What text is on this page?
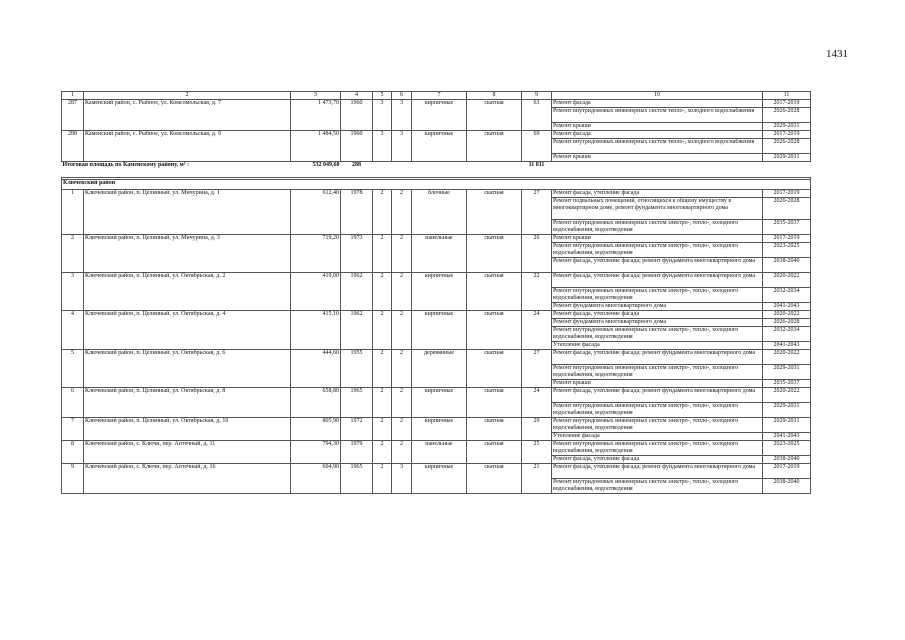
1431
1	2	3	4	5	6	7	8	9	10	11
287	Каменский район, с. Рыбное, ул. Комсомольская, д. 7	1 473,70	1960	3	3	кирпичные	скатная	63	Ремонт фасада	2017-2019
									Ремонт внутридомовых инженерных систем тепло-, холодного водоснабжения	2026-2028
									Ремонт крыши	2029-2031
288	Каменский район, с. Рыбное, ул. Комсомольская, д. 9	1 484,50	1960	3	3	кирпичные	скатная	69	Ремонт фасада	2017-2019
									Ремонт внутридомовых инженерных систем тепло-, холодного водоснабжения	2026-2028
									Ремонт крыши	2029-2031
Итоговая площадь по Каменскому району, м² :		532 049,60	288					11 811		

Ключевский район										
1	Ключевский район, п. Целинный, ул. Мичурина, д. 1	612,40	1978	2	2	блочные	скатная	27	Ремонт фасада, утепление фасада	2017-2019
									Ремонт подвальных помещений, относящихся к общему имуществу в многоквартирном доме, ремонт фундамента многоквартирного дома	2026-2028
									Ремонт внутридомовых инженерных систем электро-, тепло-, холодного водоснабжения, водоотведения	2035-2037
2	Ключевский район, п. Целинный, ул. Мичурина, д. 3	719,20	1973	2	2	панельные	скатная	26	Ремонт крыши	2017-2019
									Ремонт внутридомовых инженерных систем электро-, тепло-, холодного водоснабжения, водоотведения	2023-2025
									Ремонт фасада, утепление фасада; ремонт фундамента многоквартирного дома	2038-2040
3	Ключевский район, п. Целинный, ул. Октябрьская, д. 2	419,00	1962	2	2	кирпичные	скатная	22	Ремонт фасада, утепление фасада; ремонт фундамента многоквартирного дома	2020-2022
									Ремонт внутридомовых инженерных систем электро-, тепло-, холодного водоснабжения, водоотведения	2032-2034
									Ремонт фундамента многоквартирного дома	2041-2043
4	Ключевский район, п. Целинный, ул. Октябрьская, д. 4	415,10	1962	2	2	кирпичные	скатная	24	Ремонт фасада, утепление фасада	2020-2022
									Ремонт фундамента многоквартирного дома	2026-2028
									Ремонт внутридомовых инженерных систем электро-, тепло-, холодного водоснабжения, водоотведения	2032-2034
									Утепление фасада	2041-2043
5	Ключевский район, п. Целинный, ул. Октябрьская, д. 6	444,60	1955	2	2	деревянные	скатная	27	Ремонт фасада, утепление фасада; ремонт фундамента многоквартирного дома	2020-2022
									Ремонт внутридомовых инженерных систем электро-, тепло-, холодного водоснабжения, водоотведения	2029-2031
									Ремонт крыши	2035-2037
6	Ключевский район, п. Целинный, ул. Октябрьская, д. 8	658,80	1965	2	2	кирпичные	скатная	24	Ремонт фасада, утепление фасада; ремонт фундамента многоквартирного дома	2020-2022
									Ремонт внутридомовых инженерных систем электро-, тепло-, холодного водоснабжения, водоотведения	2029-2031
7	Ключевский район, п. Целинный, ул. Октябрьская, д. 10	805,90	1972	2	2	кирпичные	скатная	29	Ремонт внутридомовых инженерных систем электро-, тепло-, холодного водоснабжения, водоотведения	2029-2031
									Утепление фасада	2041-2043
8	Ключевский район, с. Ключи, пер. Аптечный, д. 11	794,30	1979	2	2	панельные	скатная	25	Ремонт внутридомовых инженерных систем электро-, тепло-, холодного водоснабжения, водоотведения	2023-2025
									Ремонт фасада, утепление фасада	2038-2040
9	Ключевский район, с. Ключи, пер. Аптечный, д. 16	604,90	1965	2	3	кирпичные	скатная	21	Ремонт фасада, утепление фасада; ремонт фундамента многоквартирного дома	2017-2019
									Ремонт внутридомовых инженерных систем электро-, тепло-, холодного водоснабжения, водоотведения	2038-2040
